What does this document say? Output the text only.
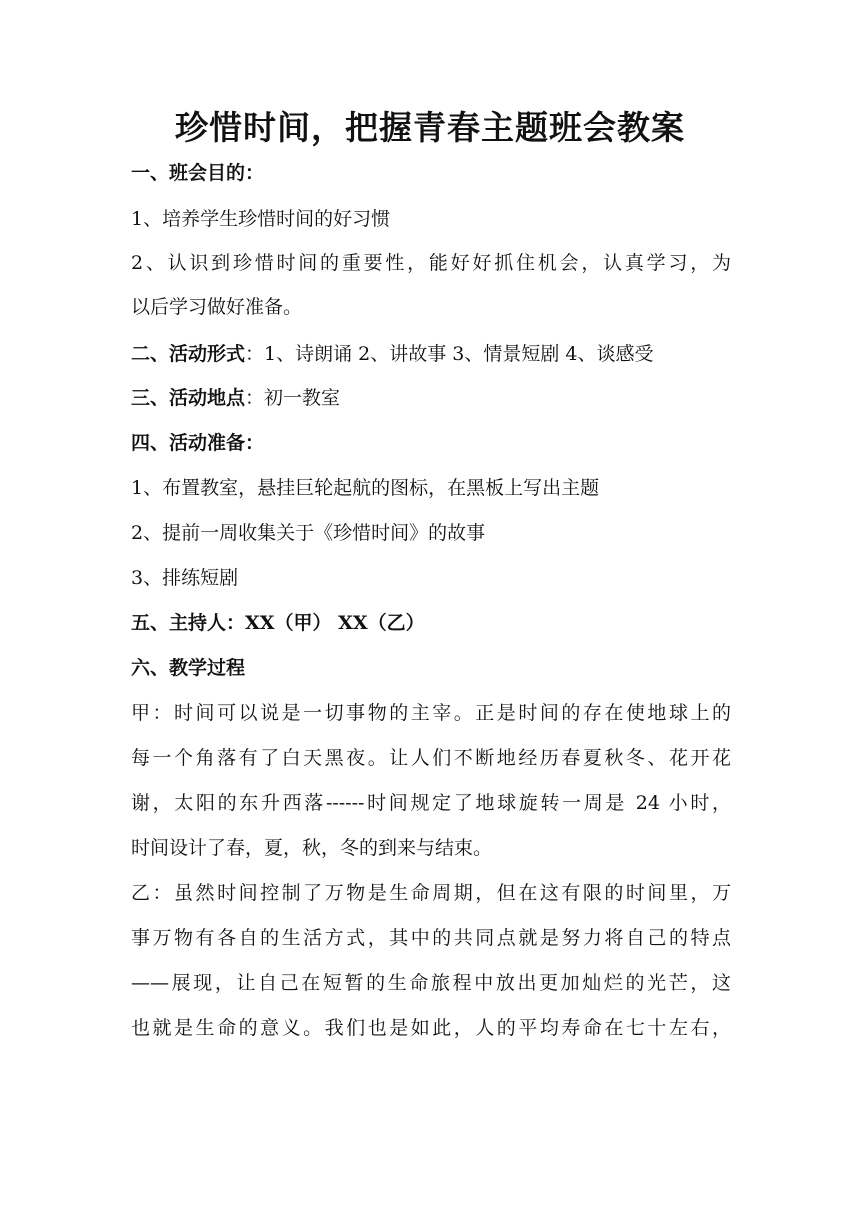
珍惜时间，把握青春主题班会教案
一、班会目的：
1、培养学生珍惜时间的好习惯
2、认识到珍惜时间的重要性，能好好抓住机会，认真学习，为
以后学习做好准备。
二、活动形式：1、诗朗诵 2、讲故事 3、情景短剧 4、谈感受
三、活动地点：初一教室
四、活动准备：
1、布置教室，悬挂巨轮起航的图标，在黑板上写出主题
2、提前一周收集关于《珍惜时间》的故事
3、排练短剧
五、主持人：XX（甲） XX（乙）
六、教学过程
甲：时间可以说是一切事物的主宰。正是时间的存在使地球上的
每一个角落有了白天黑夜。让人们不断地经历春夏秋冬、花开花
谢，太阳的东升西落------时间规定了地球旋转一周是 24 小时，
时间设计了春，夏，秋，冬的到来与结束。
乙：虽然时间控制了万物是生命周期，但在这有限的时间里，万
事万物有各自的生活方式，其中的共同点就是努力将自己的特点
——展现，让自己在短暂的生命旅程中放出更加灿烂的光芒，这
也就是生命的意义。我们也是如此，人的平均寿命在七十左右，
